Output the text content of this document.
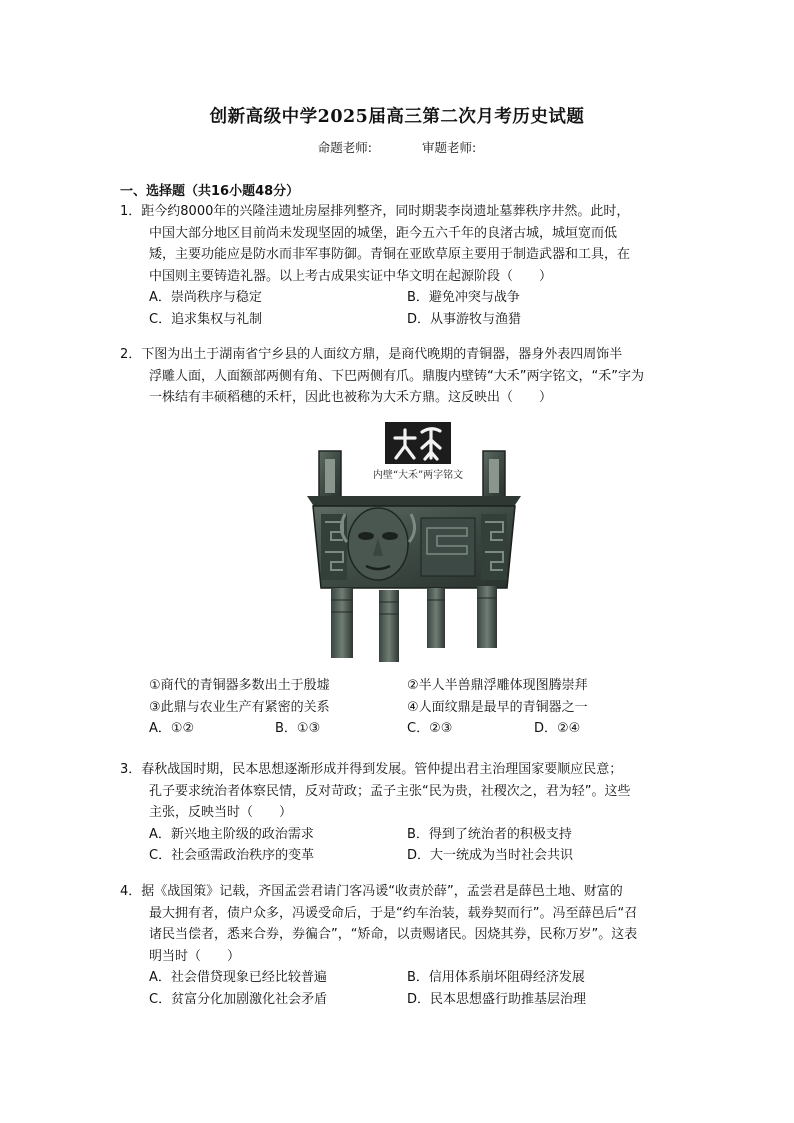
创新高级中学2025届高三第二次月考历史试题
命题老师:	审题老师:
一、选择题（共16小题48分）
1．距今约8000年的兴隆洼遗址房屋排列整齐，同时期裴李岗遗址墓葬秩序井然。此时，
中国大部分地区目前尚未发现坚固的城堡，距今五六千年的良渚古城，城垣宽而低
矮，主要功能应是防水而非军事防御。青铜在亚欧草原主要用于制造武器和工具，在
中国则主要铸造礼器。以上考古成果实证中华文明在起源阶段（　　）
A．崇尚秩序与稳定	B．避免冲突与战争
C．追求集权与礼制	D．从事游牧与渔猎
2．下图为出土于湖南省宁乡县的人面纹方鼎，是商代晚期的青铜器，器身外表四周饰半
浮雕人面，人面额部两侧有角、下巴两侧有爪。鼎腹内壁铸“大禾”两字铭文，“禾”字为
一株结有丰硕稻穗的禾杆，因此也被称为大禾方鼎。这反映出（　　）
内壁“大禾”两字铭文
①商代的青铜器多数出土于殷墟	②半人半兽鼎浮雕体现图腾崇拜
③此鼎与农业生产有紧密的关系	④人面纹鼎是最早的青铜器之一
A．①②	B．①③	C．②③	D．②④
3．春秋战国时期，民本思想逐渐形成并得到发展。管仲提出君主治理国家要顺应民意；
孔子要求统治者体察民情，反对苛政；孟子主张“民为贵，社稷次之，君为轻”。这些
主张，反映当时（　　）
A．新兴地主阶级的政治需求	B．得到了统治者的积极支持
C．社会亟需政治秩序的变革	D．大一统成为当时社会共识
4．据《战国策》记载，齐国孟尝君请门客冯谖“收责於薛”，孟尝君是薛邑土地、财富的
最大拥有者，债户众多，冯谖受命后，于是“约车治装，载券契而行”。冯至薛邑后“召
诸民当偿者，悉来合券，券徧合”，“矫命，以责赐诸民。因烧其券，民称万岁”。这表
明当时（　　）
A．社会借贷现象已经比较普遍	B．信用体系崩坏阻碍经济发展
C．贫富分化加剧激化社会矛盾	D．民本思想盛行助推基层治理
